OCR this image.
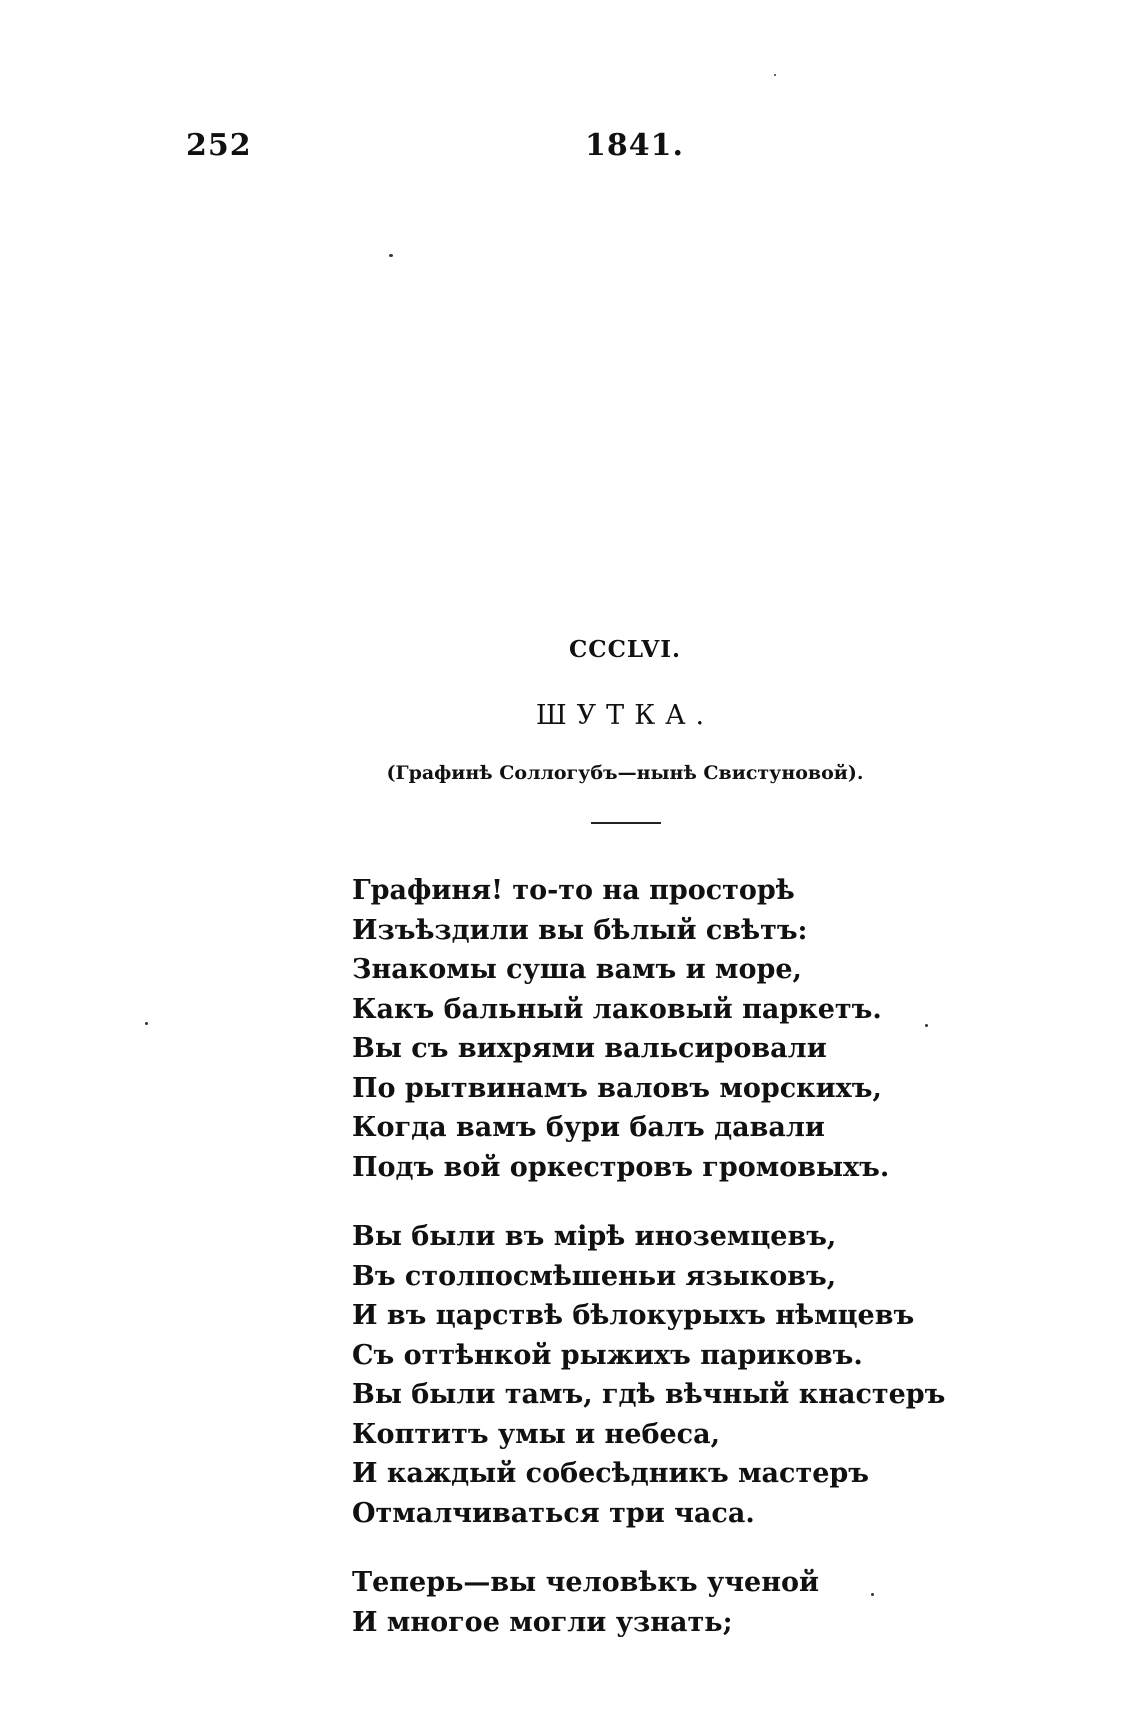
252	1841.
CCCLVI.
ШУТКА.
(Графинѣ Соллогубъ—нынѣ Свистуновой).
Графиня! то-то на просторѣ
Изъѣздили вы бѣлый свѣтъ:
Знакомы суша вамъ и море,
Какъ бальный лаковый паркетъ.
Вы съ вихрями вальсировали
По рытвинамъ валовъ морскихъ,
Когда вамъ бури балъ давали
Подъ вой оркестровъ громовыхъ.
Вы были въ мірѣ иноземцевъ,
Въ столпосмѣшеньи языковъ,
И въ царствѣ бѣлокурыхъ нѣмцевъ
Съ оттѣнкой рыжихъ париковъ.
Вы были тамъ, гдѣ вѣчный кнастеръ
Коптитъ умы и небеса,
И каждый собесѣдникъ мастеръ
Отмалчиваться три часа.
Теперь—вы человѣкъ ученой
И многое могли узнать;
